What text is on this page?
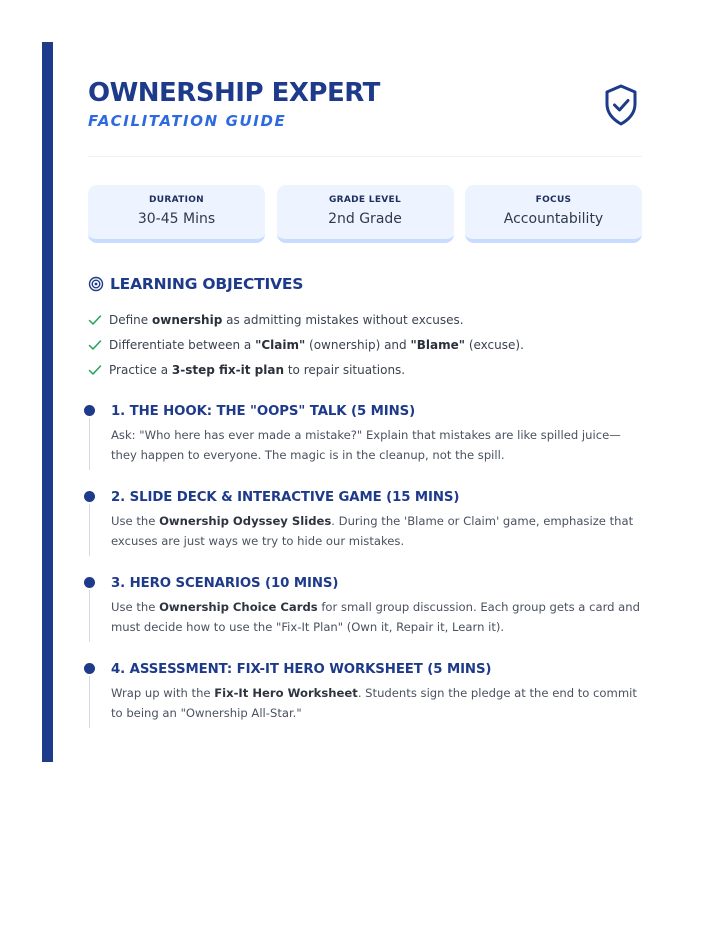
OWNERSHIP EXPERT
FACILITATION GUIDE
DURATION
30-45 Mins
GRADE LEVEL
2nd Grade
FOCUS
Accountability
LEARNING OBJECTIVES
Define ownership as admitting mistakes without excuses.
Differentiate between a "Claim" (ownership) and "Blame" (excuse).
Practice a 3-step fix-it plan to repair situations.
1. THE HOOK: THE "OOPS" TALK (5 MINS)
Ask: "Who here has ever made a mistake?" Explain that mistakes are like spilled juice—they happen to everyone. The magic is in the cleanup, not the spill.
2. SLIDE DECK & INTERACTIVE GAME (15 MINS)
Use the Ownership Odyssey Slides. During the 'Blame or Claim' game, emphasize that excuses are just ways we try to hide our mistakes.
3. HERO SCENARIOS (10 MINS)
Use the Ownership Choice Cards for small group discussion. Each group gets a card and must decide how to use the "Fix-It Plan" (Own it, Repair it, Learn it).
4. ASSESSMENT: FIX-IT HERO WORKSHEET (5 MINS)
Wrap up with the Fix-It Hero Worksheet. Students sign the pledge at the end to commit to being an "Ownership All-Star."
